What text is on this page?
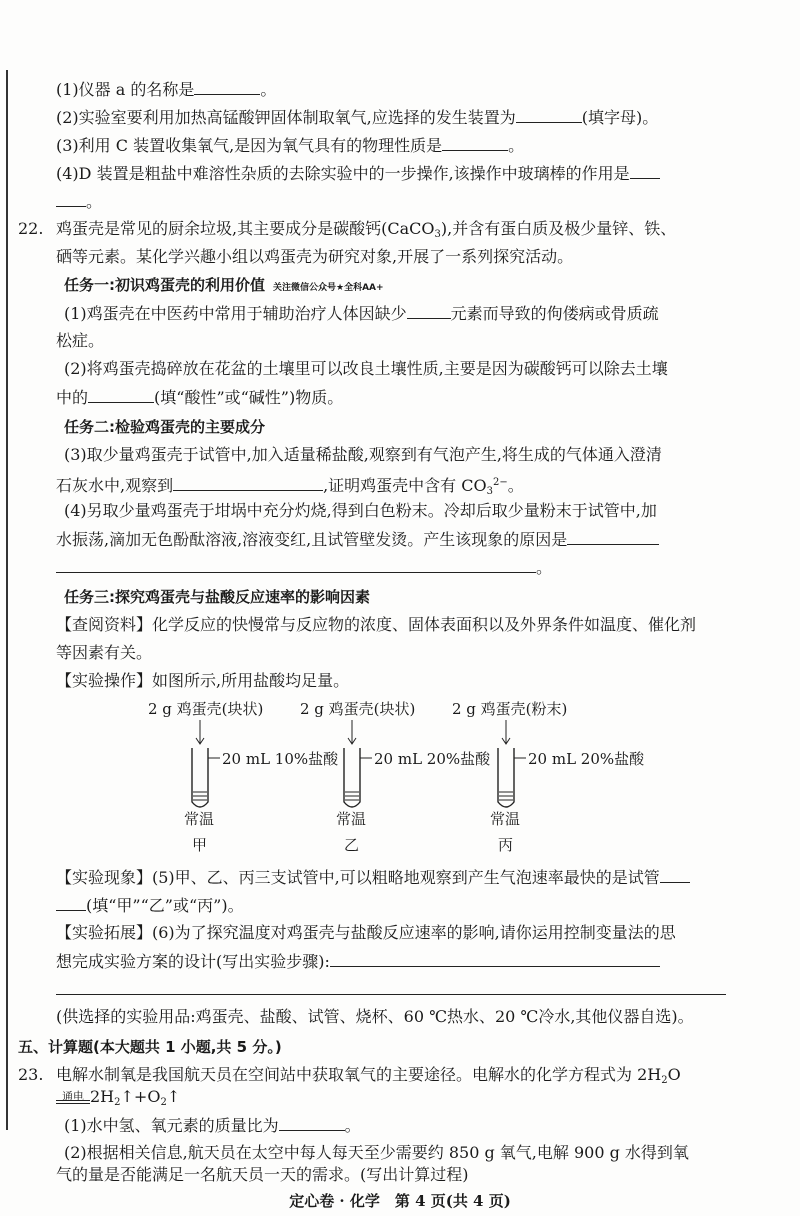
(1)仪器 a 的名称是	。
(2)实验室要利用加热高锰酸钾固体制取氧气,应选择的发生装置为	(填字母)。
(3)利用 C 装置收集氧气,是因为氧气具有的物理性质是	。
(4)D 装置是粗盐中难溶性杂质的去除实验中的一步操作,该操作中玻璃棒的作用是
。
22. 鸡蛋壳是常见的厨余垃圾,其主要成分是碳酸钙(CaCO$_3$),并含有蛋白质及极少量锌、铁、
硒等元素。某化学兴趣小组以鸡蛋壳为研究对象,开展了一系列探究活动。
任务一:初识鸡蛋壳的利用价值 关注微信公众号★全科AA+
(1)鸡蛋壳在中医药中常用于辅助治疗人体因缺少	元素而导致的佝偻病或骨质疏
松症。
(2)将鸡蛋壳捣碎放在花盆的土壤里可以改良土壤性质,主要是因为碳酸钙可以除去土壤
中的	(填“酸性”或“碱性”)物质。
任务二:检验鸡蛋壳的主要成分
(3)取少量鸡蛋壳于试管中,加入适量稀盐酸,观察到有气泡产生,将生成的气体通入澄清
石灰水中,观察到	,证明鸡蛋壳中含有 $CO_3^{2-}$。
(4)另取少量鸡蛋壳于坩埚中充分灼烧,得到白色粉末。冷却后取少量粉末于试管中,加
水振荡,滴加无色酚酞溶液,溶液变红,且试管壁发烫。产生该现象的原因是
。
任务三:探究鸡蛋壳与盐酸反应速率的影响因素
【查阅资料】化学反应的快慢常与反应物的浓度、固体表面积以及外界条件如温度、催化剂
等因素有关。
【实验操作】如图所示,所用盐酸均足量。
2 g 鸡蛋壳(块状) 2 g 鸡蛋壳(块状) 2 g 鸡蛋壳(粉末)
20 mL 10%盐酸 20 mL 20%盐酸	20 mL 20%盐酸
常温	常温	常温
甲	乙	丙
【实验现象】(5)甲、乙、丙三支试管中,可以粗略地观察到产生气泡速率最快的是试管
(填“甲”“乙”或“丙”)。
【实验拓展】(6)为了探究温度对鸡蛋壳与盐酸反应速率的影响,请你运用控制变量法的思
想完成实验方案的设计(写出实验步骤):
(供选择的实验用品:鸡蛋壳、盐酸、试管、烧杯、60 ℃热水、20 ℃冷水,其他仪器自选)。
五、计算题(本大题共 1 小题,共 5 分。)
23. 电解水制氧是我国航天员在空间站中获取氧气的主要途径。电解水的化学方程式为 $2H_2O$
通电 $2H_2↑+O_2↑$
(1)水中氢、氧元素的质量比为	。
(2)根据相关信息,航天员在太空中每人每天至少需要约 850 g 氧气,电解 900 g 水得到氧
气的量是否能满足一名航天员一天的需求。(写出计算过程)
定心卷 · 化学　第 4 页(共 4 页)
